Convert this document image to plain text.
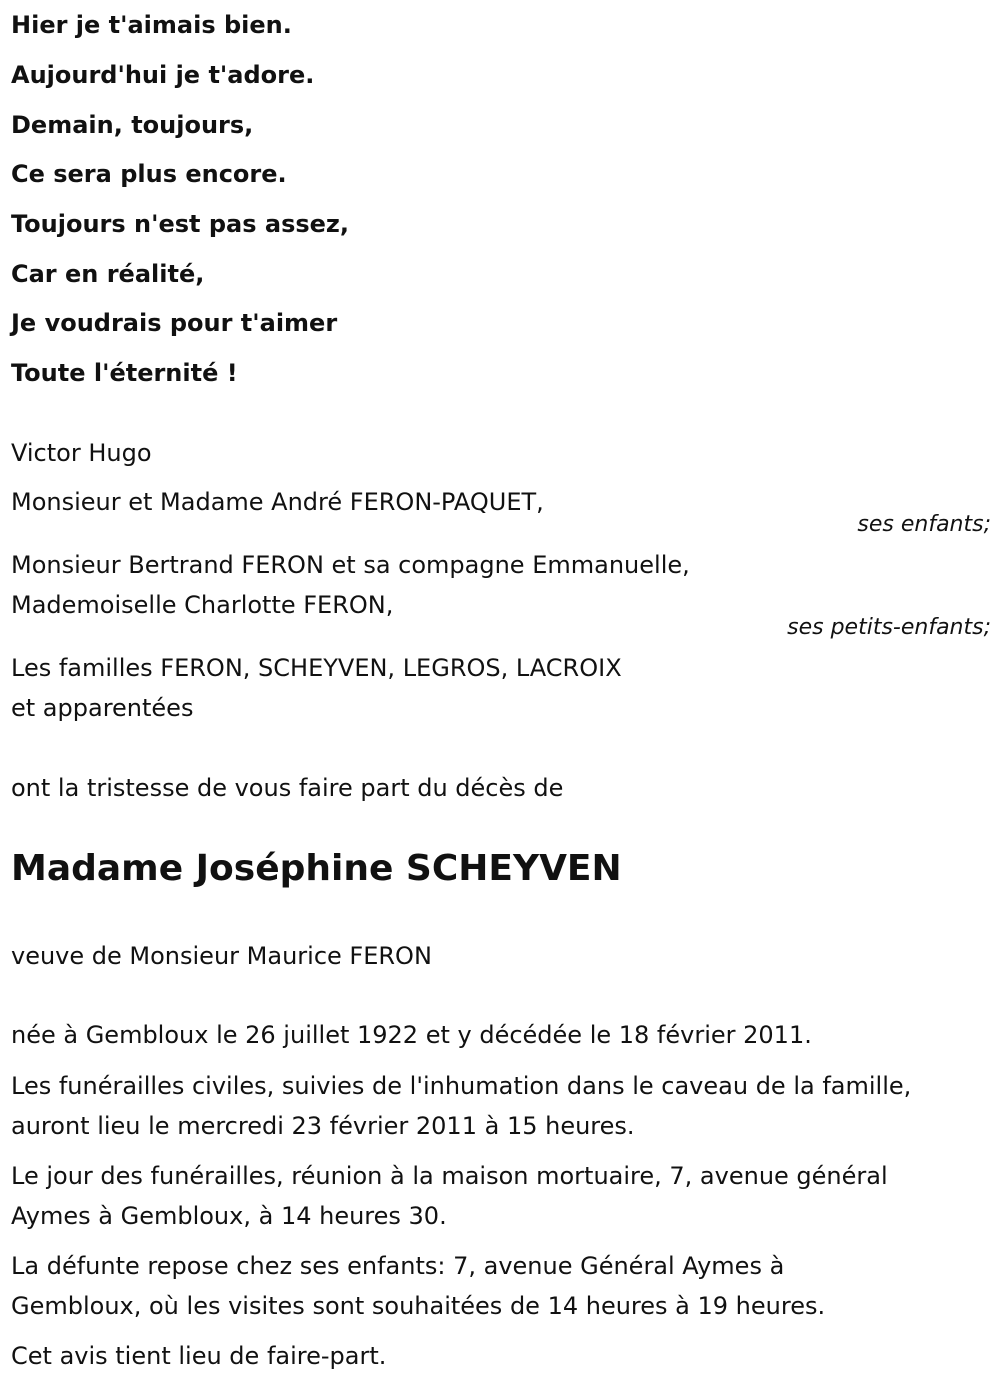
Hier je t'aimais bien.
Aujourd'hui je t'adore.
Demain, toujours,
Ce sera plus encore.
Toujours n'est pas assez,
Car en réalité,
Je voudrais pour t'aimer
Toute l'éternité !
Victor Hugo
Monsieur et Madame André FERON-PAQUET,
ses enfants;
Monsieur Bertrand FERON et sa compagne Emmanuelle,
Mademoiselle Charlotte FERON,
ses petits-enfants;
Les familles FERON, SCHEYVEN, LEGROS, LACROIX
et apparentées
ont la tristesse de vous faire part du décès de
Madame Joséphine SCHEYVEN
veuve de Monsieur Maurice FERON
née à Gembloux le 26 juillet 1922 et y décédée le 18 février 2011.
Les funérailles civiles, suivies de l'inhumation dans le caveau de la famille,
auront lieu le mercredi 23 février 2011 à 15 heures.
Le jour des funérailles, réunion à la maison mortuaire, 7, avenue général
Aymes à Gembloux, à 14 heures 30.
La défunte repose chez ses enfants: 7, avenue Général Aymes à
Gembloux, où les visites sont souhaitées de 14 heures à 19 heures.
Cet avis tient lieu de faire-part.
